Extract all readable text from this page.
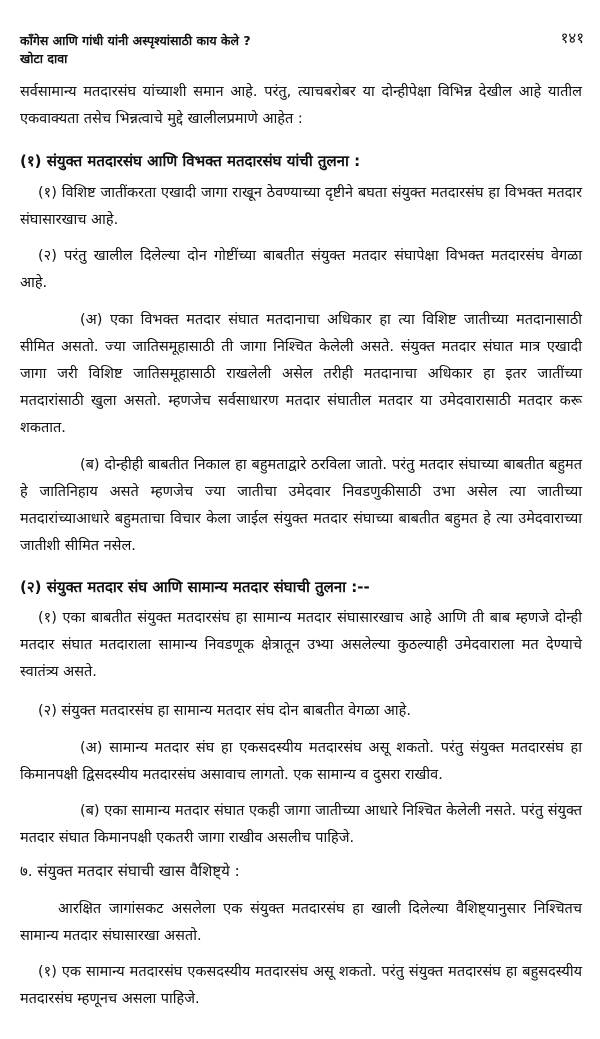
कॉंगेस आणि गांधी यांनी अस्पृश्यांसाठी काय केले ?
खोटा दावा
१४१
सर्वसामान्य मतदारसंघ यांच्याशी समान आहे. परंतु, त्याचबरोबर या दोन्हीपेक्षा विभिन्न देखील आहे यातील एकवाक्यता तसेच भिन्नत्वाचे मुद्दे खालीलप्रमाणे आहेत :
(१) संयुक्त मतदारसंघ आणि विभक्त मतदारसंघ यांची तुलना :
(१) विशिष्ट जातींकरता एखादी जागा राखून ठेवण्याच्या दृष्टीने बघता संयुक्त मतदारसंघ हा विभक्त मतदार संघासारखाच आहे.
(२) परंतु खालील दिलेल्या दोन गोष्टींच्या बाबतीत संयुक्त मतदार संघापेक्षा विभक्त मतदारसंघ वेगळा आहे.
(अ) एका विभक्त मतदार संघात मतदानाचा अधिकार हा त्या विशिष्ट जातीच्या मतदानासाठी सीमित असतो. ज्या जातिसमूहासाठी ती जागा निश्चित केलेली असते. संयुक्त मतदार संघात मात्र एखादी जागा जरी विशिष्ट जातिसमूहासाठी राखलेली असेल तरीही मतदानाचा अधिकार हा इतर जातींच्या मतदारांसाठी खुला असतो. म्हणजेच सर्वसाधारण मतदार संघातील मतदार या उमेदवारासाठी मतदार करू शकतात.
(ब) दोन्हीही बाबतीत निकाल हा बहुमताद्वारे ठरविला जातो. परंतु मतदार संघाच्या बाबतीत बहुमत हे जातिनिहाय असते म्हणजेच ज्या जातीचा उमेदवार निवडणुकीसाठी उभा असेल त्या जातीच्या मतदारांच्याआधारे बहुमताचा विचार केला जाईल संयुक्त मतदार संघाच्या बाबतीत बहुमत हे त्या उमेदवाराच्या जातीशी सीमित नसेल.
(२) संयुक्त मतदार संघ आणि सामान्य मतदार संघाची तुलना :--
(१) एका बाबतीत संयुक्त मतदारसंघ हा सामान्य मतदार संघासारखाच आहे आणि ती बाब म्हणजे दोन्ही मतदार संघात मतदाराला सामान्य निवडणूक क्षेत्रातून उभ्या असलेल्या कुठल्याही उमेदवाराला मत देण्याचे स्वातंत्र्य असते.
(२) संयुक्त मतदारसंघ हा सामान्य मतदार संघ दोन बाबतीत वेगळा आहे.
(अ) सामान्य मतदार संघ हा एकसदस्यीय मतदारसंघ असू शकतो. परंतु संयुक्त मतदारसंघ हा किमानपक्षी द्विसदस्यीय मतदारसंघ असावाच लागतो. एक सामान्य व दुसरा राखीव.
(ब) एका सामान्य मतदार संघात एकही जागा जातीच्या आधारे निश्चित केलेली नसते. परंतु संयुक्त मतदार संघात किमानपक्षी एकतरी जागा राखीव असलीच पाहिजे.
७. संयुक्त मतदार संघाची खास वैशिष्ट्ये :
आरक्षित जागांसकट असलेला एक संयुक्त मतदारसंघ हा खाली दिलेल्या वैशिष्ट्यानुसार निश्चितच सामान्य मतदार संघासारखा असतो.
(१) एक सामान्य मतदारसंघ एकसदस्यीय मतदारसंघ असू शकतो. परंतु संयुक्त मतदारसंघ हा बहुसदस्यीय मतदारसंघ म्हणूनच असला पाहिजे.
